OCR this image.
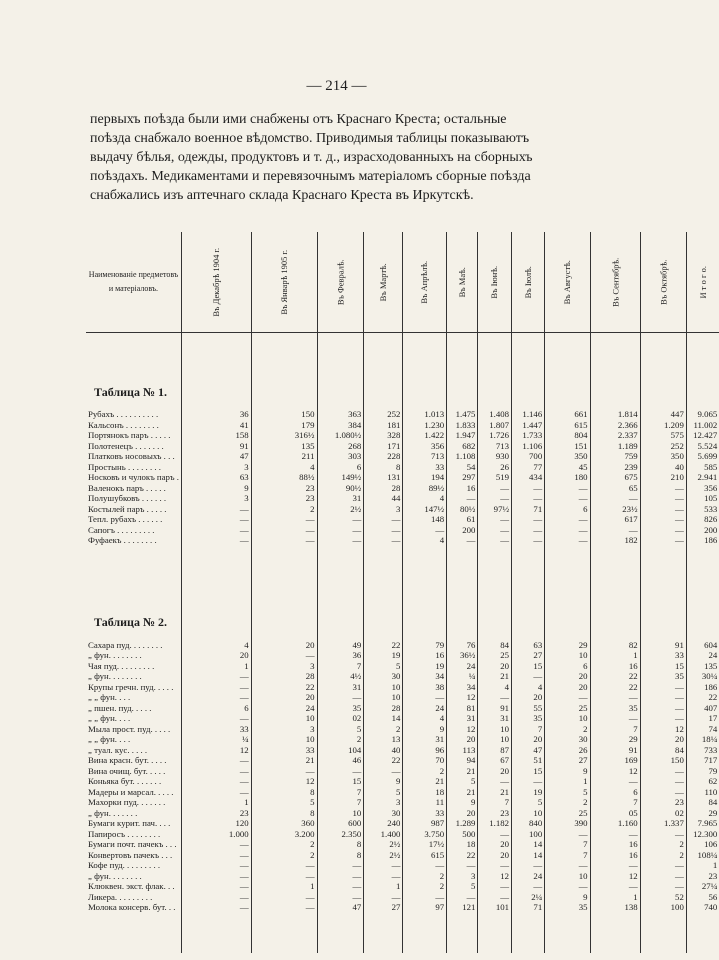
— 214 —
первыхъ поѣзда были ими снабжены отъ Краснаго Креста; остальные
поѣзда снабжало военное вѣдомство. Приводимыя таблицы показываютъ
выдачу бѣлья, одежды, продуктовъ и т. д., израсходованныхъ на сборныхъ
поѣздахъ. Медикаментами и перевязочнымъ матеріаломъ сборные поѣзда
снабжались изъ аптечнаго склада Краснаго Креста въ Иркутскѣ.
Наименованіе предметовъ
и матеріаловъ.	Въ Декабрѣ 1904 г.	Въ Январѣ 1905 г.	Въ Февралѣ.	Въ Мартѣ.	Въ Апрѣлѣ.	Въ Маѣ.	Въ Іюнѣ.	Въ Іюлѣ.	Въ Августѣ.	Въ Сентябрѣ.	Въ Октябрѣ.	И т о г о.

Таблица № 1.												
Рубахъ . . . . . . . . . .	36	150	363	252	1.013	1.475	1.408	1.146	661	1.814	447	9.065
Кальсонъ . . . . . . . .	41	179	384	181	1.230	1.833	1.807	1.447	615	2.366	1.209	11.002
Портянокъ паръ . . . . .	158	316½	1.080½	328	1.422	1.947	1.726	1.733	804	2.337	575	12.427
Полотенецъ . . . . . . .	91	135	268	171	356	682	713	1.106	151	1.189	252	5.524
Платковъ носовыхъ . . .	47	211	303	228	713	1.108	930	700	350	759	350	5.699
Простынь . . . . . . . .	3	4	6	8	33	54	26	77	45	239	40	585
Носковъ и чулокъ паръ .	63	88½	149½	131	194	297	519	434	180	675	210	2.941
Валенокъ паръ . . . . .	9	23	90½	28	89½	16	—	—	—	65	—	356
Полушубковъ . . . . . .	3	23	31	44	4	—	—	—	—	—	—	105
Костылей паръ . . . . .	—	2	2½	3	147½	80½	97½	71	6	23½	—	533
Тепл. рубахъ . . . . . .	—	—	—	—	148	61	—	—	—	617	—	826
Сапогъ . . . . . . . . .	—	—	—	—	—	200	—	—	—	—	—	200
Фуфаекъ . . . . . . . .	—	—	—	—	4	—	—	—	—	182	—	186

Таблица № 2.												
Сахара пуд. . . . . . . .	4	20	49	22	79	76	84	63	29	82	91	604
„ фун. . . . . . . .	20	—	36	19	16	36½	25	27	10	1	33	24
Чая пуд. . . . . . . . .	1	3	7	5	19	24	20	15	6	16	15	135
„ фун. . . . . . . .	—	28	4½	30	34	¼	21	—	20	22	35	30¼
Крупы гречн. пуд. . . . .	—	22	31	10	38	34	4	4	20	22	—	186
„ „ фун. . . .	—	20	—	10	—	12	—	20	—	—	—	22
„ пшен. пуд. . . . .	6	24	35	28	24	81	91	55	25	35	—	407
„ „ фун. . . .	—	10	02	14	4	31	31	35	10	—	—	17
Мыла прост. пуд. . . . .	33	3	5	2	9	12	10	7	2	7	12	74
„ „ фун. . . .	¼	10	2	13	31	20	10	20	30	29	20	18¼
„ туал. кус. . . . .	12	33	104	40	96	113	87	47	26	91	84	733
Вина красн. бут. . . . .	—	21	46	22	70	94	67	51	27	169	150	717
Вина очищ. бут. . . . .	—	—	—	—	2	21	20	15	9	12	—	79
Коньяка бут. . . . . . .	—	12	15	9	21	5	—	—	1	—	—	62
Мадеры и марсал. . . . .	—	8	7	5	18	21	21	19	5	6	—	110
Махорки пуд. . . . . . .	1	5	7	3	11	9	7	5	2	7	23	84
„ фун. . . . . . .	23	8	10	30	33	20	23	10	25	05	02	29
Бумаги курит. пач. . . .	120	360	600	240	987	1.289	1.182	840	390	1.160	1.337	7.965
Папиросъ . . . . . . . .	1.000	3.200	2.350	1.400	3.750	500	—	100	—	—	—	12.300
Бумаги почт. пачекъ . . .	—	2	8	2½	17½	18	20	14	7	16	2	106
Конвертовъ пачекъ . . .	—	2	8	2½	615	22	20	14	7	16	2	108¼
Кофе пуд. . . . . . . . .	—	—	—	—	—	—	—	—	—	—	—	1
„ фун. . . . . . . .	—	—	—	—	2	3	12	24	10	12	—	23
Клюквен. экст. флак. . .	—	1	—	1	2	5	—	—	—	—	—	27¼
Ликера. . . . . . . . .	—	—	—	—	—	—	—	2¼	9	1	52	56
Молока консерв. бут. . .	—	—	47	27	97	121	101	71	35	138	100	740
